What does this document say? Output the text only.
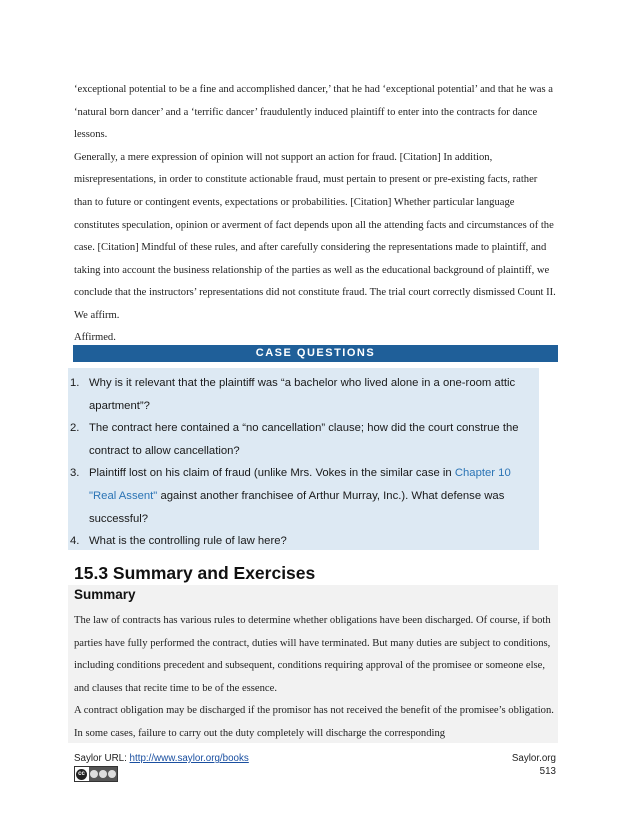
‘exceptional potential to be a fine and accomplished dancer,’ that he had ‘exceptional potential’ and that he was a ‘natural born dancer’ and a ‘terrific dancer’ fraudulently induced plaintiff to enter into the contracts for dance lessons.

Generally, a mere expression of opinion will not support an action for fraud. [Citation] In addition, misrepresentations, in order to constitute actionable fraud, must pertain to present or pre-existing facts, rather than to future or contingent events, expectations or probabilities. [Citation] Whether particular language constitutes speculation, opinion or averment of fact depends upon all the attending facts and circumstances of the case. [Citation] Mindful of these rules, and after carefully considering the representations made to plaintiff, and taking into account the business relationship of the parties as well as the educational background of plaintiff, we conclude that the instructors’ representations did not constitute fraud. The trial court correctly dismissed Count II. We affirm.

Affirmed.
CASE QUESTIONS
1. Why is it relevant that the plaintiff was “a bachelor who lived alone in a one-room attic apartment”?
2. The contract here contained a “no cancellation” clause; how did the court construe the contract to allow cancellation?
3. Plaintiff lost on his claim of fraud (unlike Mrs. Vokes in the similar case in Chapter 10 "Real Assent" against another franchisee of Arthur Murray, Inc.). What defense was successful?
4. What is the controlling rule of law here?
15.3 Summary and Exercises
Summary

The law of contracts has various rules to determine whether obligations have been discharged. Of course, if both parties have fully performed the contract, duties will have terminated. But many duties are subject to conditions, including conditions precedent and subsequent, conditions requiring approval of the promisee or someone else, and clauses that recite time to be of the essence.

A contract obligation may be discharged if the promisor has not received the benefit of the promisee’s obligation. In some cases, failure to carry out the duty completely will discharge the corresponding

Saylor URL: http://www.saylor.org/books
cc
Saylor.org
513
